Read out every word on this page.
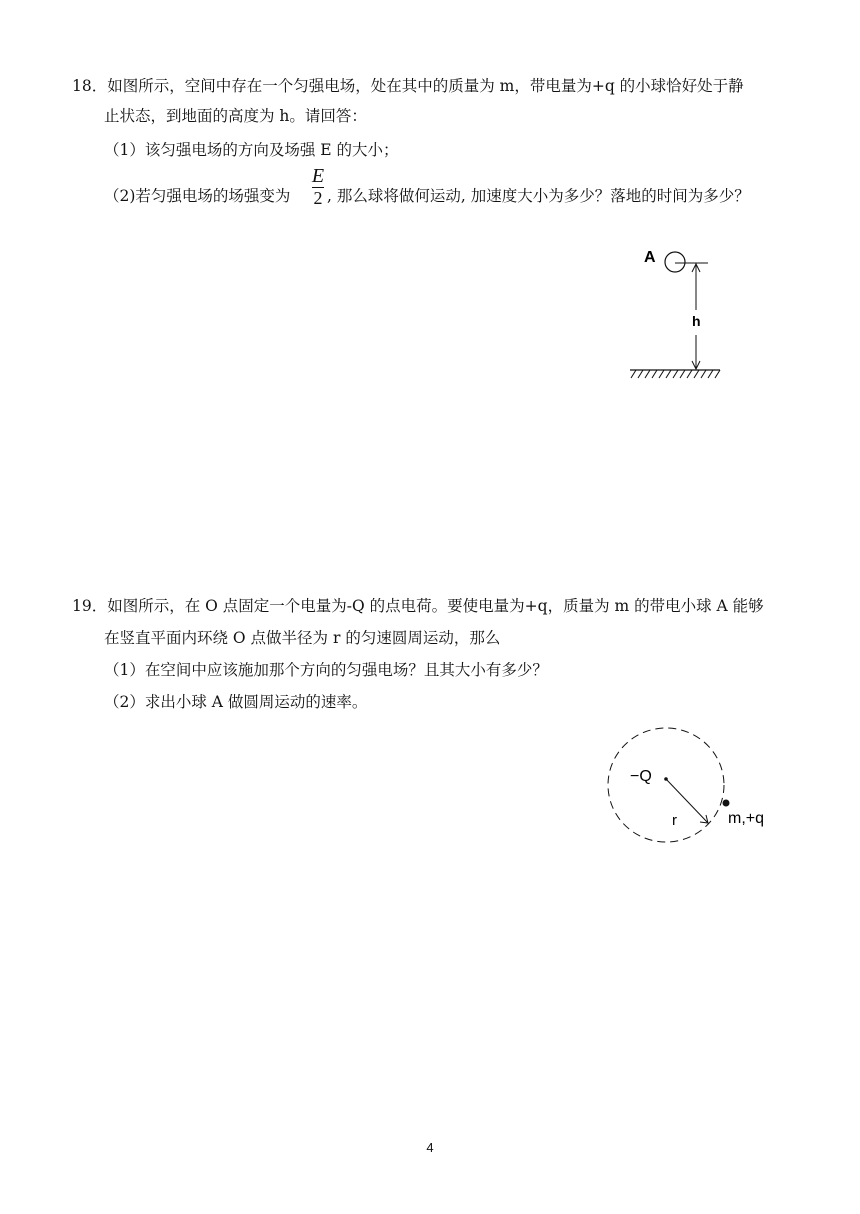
18．如图所示，空间中存在一个匀强电场，处在其中的质量为 m，带电量为+q 的小球恰好处于静
止状态，到地面的高度为 h。请回答：
（1）该匀强电场的方向及场强 E 的大小；
（2)若匀强电场的场强变为
E
2 , 那么球将做何运动, 加速度大小为多少？落地的时间为多少？
A
h
19．如图所示，在 O 点固定一个电量为-Q 的点电荷。要使电量为+q，质量为 m 的带电小球 A 能够
在竖直平面内环绕 O 点做半径为 r 的匀速圆周运动，那么
（1）在空间中应该施加那个方向的匀强电场？且其大小有多少？
（2）求出小球 A 做圆周运动的速率。
−Q
r	m,+q
4
